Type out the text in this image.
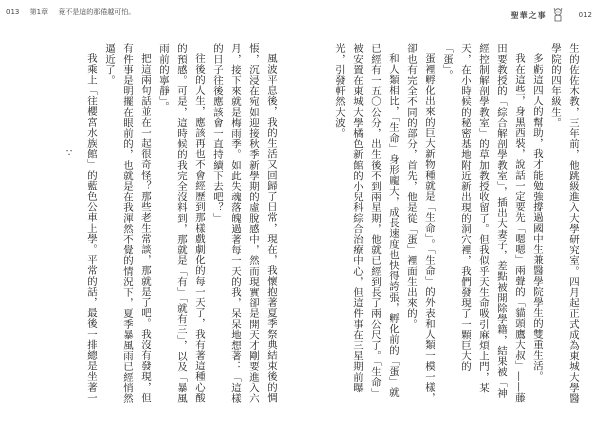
013 第1章 竟不是這的那倦越可怕。
∵	風波平息後，我的生活又回歸了日常，現在，我懷抱著夏季祭典結束後的惆悵，沉浸在宛如迎接秋季新學期的虛脫感中，然而現實卻是開天才剛要進入六月，接下來就是梅雨季。如此失魂落魄過著每一天的我，呆呆地想著：「這樣的日子往後應該會一直持續下去吧？」

往後的人生，應該再也不會經歷到那樣戲劇化的每一天了，我有著這種心酸的預感。可是，這時候的我完全沒料到，那就是「有」「就有三」，以及「暴風雨前的寧靜」。

把這兩句話並在一起很奇怪？那些老生常談，那就是了吧。我沒有發現，但有件事是明擺在眼前的，也就是在我渾然不覺的情況下，夏季暴風雨已經悄然逼近了。

我乘上「往櫻宮水族館」的藍色公車上學。平常的話，最後一排總是坐著一

聖華之事	012

生的佐佐木教，三年前，他跳級進入大學研究室。四月起正式成為東城大學醫學院的四年級生。

多虧這四人的幫助，我才能勉強撐過國中生兼醫學院學生的雙重生活。

我在這些，身黑西裝，說話一定要先「嗯嗯」兩聲的「貓頭鷹大叔」——藤田要教授的「綜合解剖學教室」，插出大妻子，差點被開除學籍，結果被「神經控制解剖學教室」的草加教授收留了。但我似乎天生命吸引麻煩上門，某天，在小時候的秘密基地附近新出現的洞穴裡，我們發現了一顆巨大的「蛋」。

蛋裡孵化出來的巨大新物種就是「生命」。「生命」的外表和人類一模一樣，卻也有完全不同的部分，首先，他是從「蛋」裡面生出來的。

和人類相比，「生命」身形龐大，成長速度也快得誇張，孵化前的「蛋」就已經有一五〇公分，出生後不到兩星期，他就已經到長了兩公尺了。「生命」被安置在東城大學橘色新館的小兒科綜合治療中心，但這件事在三星期前曝光，引發軒然大波。
